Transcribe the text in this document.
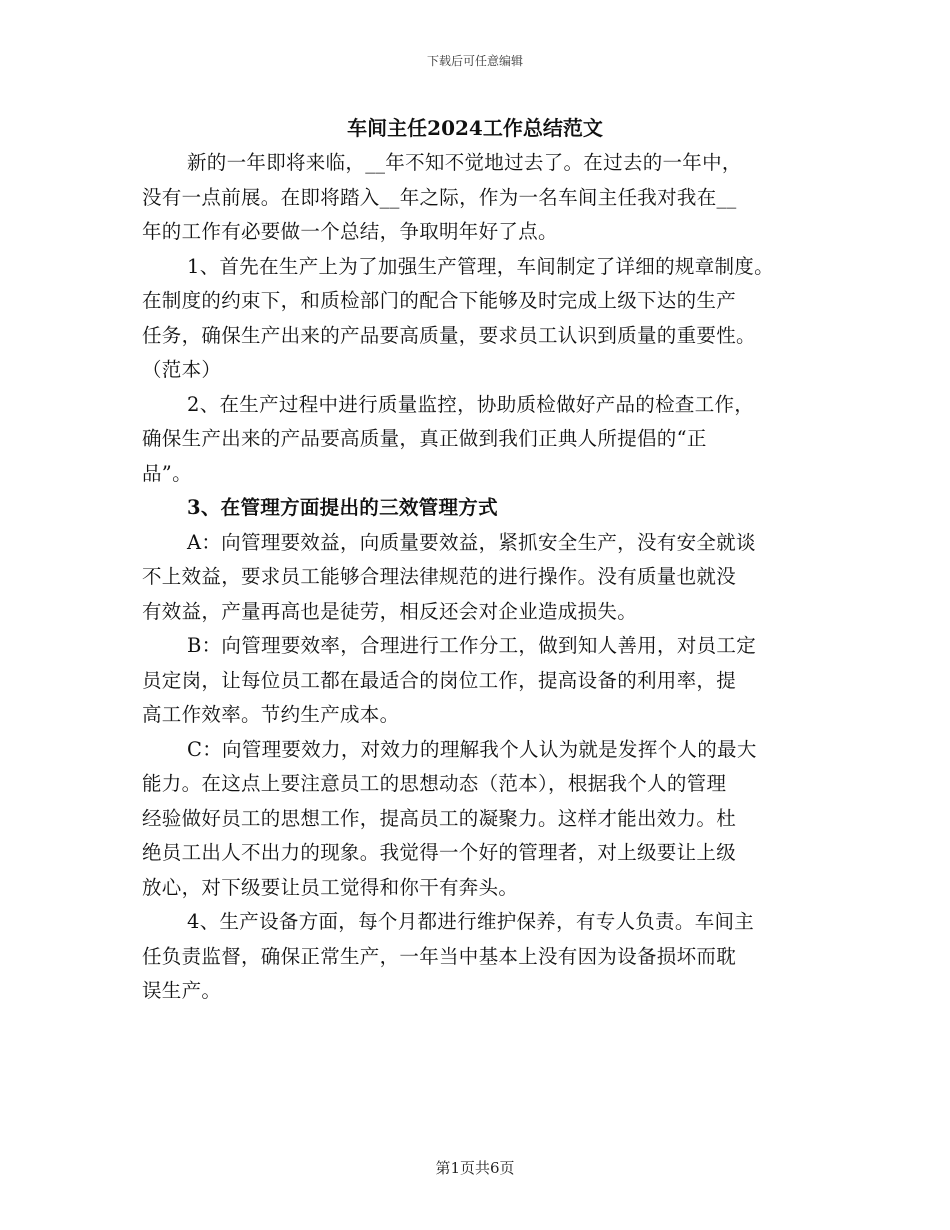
下载后可任意编辑
车间主任2024工作总结范文

新的一年即将来临，__年不知不觉地过去了。在过去的一年中，
没有一点前展。在即将踏入__年之际，作为一名车间主任我对我在__
年的工作有必要做一个总结，争取明年好了点。

1、首先在生产上为了加强生产管理，车间制定了详细的规章制度。
在制度的约束下，和质检部门的配合下能够及时完成上级下达的生产
任务，确保生产出来的产品要高质量，要求员工认识到质量的重要性。
（范本）

2、在生产过程中进行质量监控，协助质检做好产品的检查工作，
确保生产出来的产品要高质量，真正做到我们正典人所提倡的“正
品”。

3、在管理方面提出的三效管理方式

A：向管理要效益，向质量要效益，紧抓安全生产，没有安全就谈
不上效益，要求员工能够合理法律规范的进行操作。没有质量也就没
有效益，产量再高也是徒劳，相反还会对企业造成损失。

B：向管理要效率，合理进行工作分工，做到知人善用，对员工定
员定岗，让每位员工都在最适合的岗位工作，提高设备的利用率，提
高工作效率。节约生产成本。

C：向管理要效力，对效力的理解我个人认为就是发挥个人的最大
能力。在这点上要注意员工的思想动态（范本），根据我个人的管理
经验做好员工的思想工作，提高员工的凝聚力。这样才能出效力。杜
绝员工出人不出力的现象。我觉得一个好的管理者，对上级要让上级
放心，对下级要让员工觉得和你干有奔头。

4、生产设备方面，每个月都进行维护保养，有专人负责。车间主
任负责监督，确保正常生产，一年当中基本上没有因为设备损坏而耽
误生产。

第1页共6页
